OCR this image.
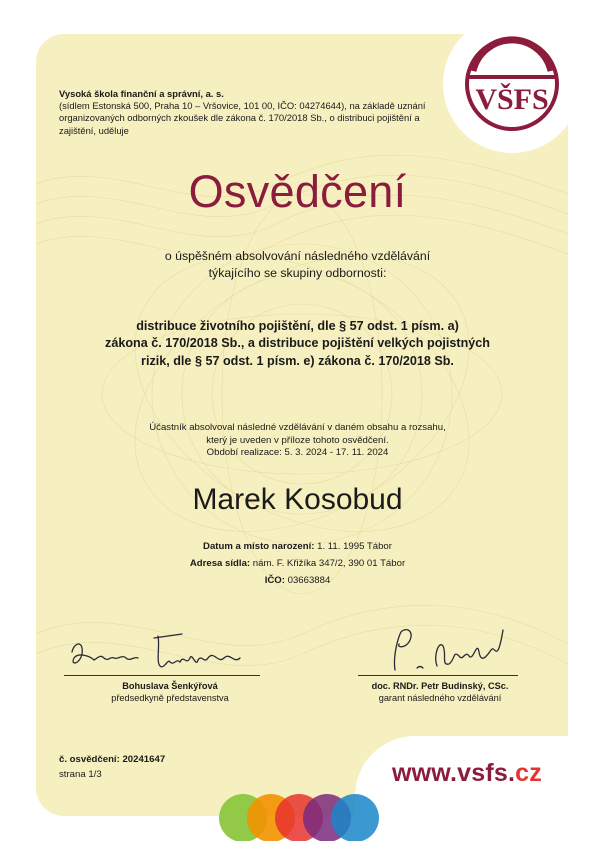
VŠFS
Vysoká škola finanční a správní, a. s.
(sídlem Estonská 500, Praha 10 – Vršovice, 101 00, IČO: 04274644), na základě uznání organizovaných odborných zkoušek dle zákona č. 170/2018 Sb., o distribuci pojištění a zajištění, uděluje
Osvědčení
o úspěšném absolvování následného vzdělávání
týkajícího se skupiny odbornosti:
distribuce životního pojištění, dle § 57 odst. 1 písm. a)
zákona č. 170/2018 Sb., a distribuce pojištění velkých pojistných
rizik, dle § 57 odst. 1 písm. e) zákona č. 170/2018 Sb.
Účastník absolvoval následné vzdělávání v daném obsahu a rozsahu,
který je uveden v příloze tohoto osvědčení.
Období realizace: 5. 3. 2024 - 17. 11. 2024
Marek Kosobud
Datum a místo narození: 1. 11. 1995 Tábor
Adresa sídla: nám. F. Křižíka 347/2, 390 01 Tábor
IČO: 03663884
Bohuslava Šenkýřová
předsedkyně představenstva
doc. RNDr. Petr Budinský, CSc.
garant následného vzdělávání
č. osvědčení: 20241647
strana 1/3	www.vsfs.cz
